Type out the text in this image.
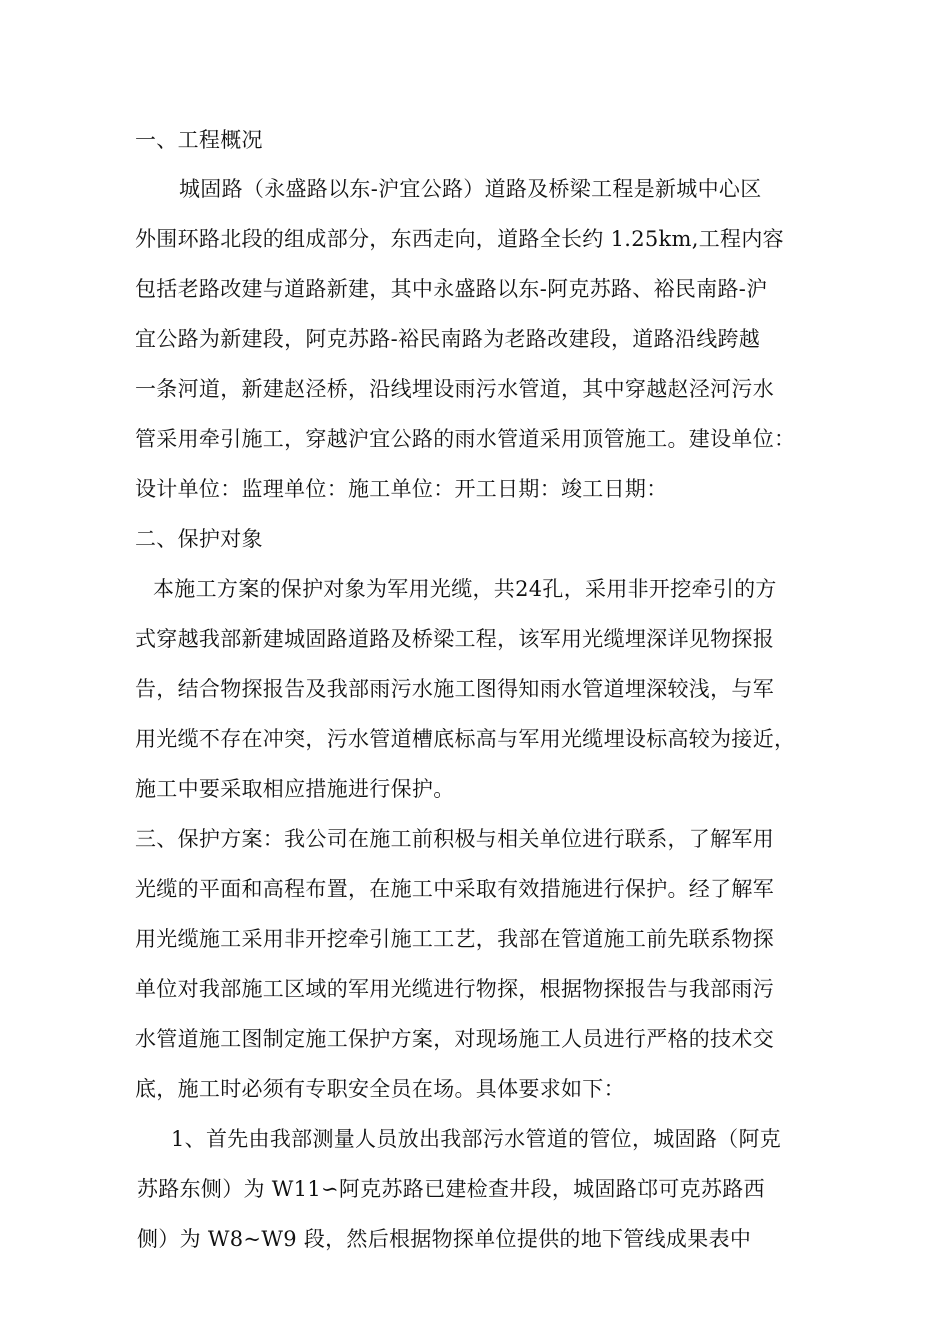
一、工程概况
城固路（永盛路以东-沪宜公路）道路及桥梁工程是新城中心区
外围环路北段的组成部分，东西走向，道路全长约 1.25km,工程内容
包括老路改建与道路新建，其中永盛路以东-阿克苏路、裕民南路-沪
宜公路为新建段，阿克苏路-裕民南路为老路改建段，道路沿线跨越
一条河道，新建赵泾桥，沿线埋设雨污水管道，其中穿越赵泾河污水
管采用牵引施工，穿越沪宜公路的雨水管道采用顶管施工。建设单位：
设计单位：监理单位：施工单位：开工日期：竣工日期：
二、保护对象
本施工方案的保护对象为军用光缆，共24孔，采用非开挖牵引的方
式穿越我部新建城固路道路及桥梁工程，该军用光缆埋深详见物探报
告，结合物探报告及我部雨污水施工图得知雨水管道埋深较浅，与军
用光缆不存在冲突，污水管道槽底标高与军用光缆埋设标高较为接近，
施工中要采取相应措施进行保护。
三、保护方案：我公司在施工前积极与相关单位进行联系，了解军用
光缆的平面和高程布置，在施工中采取有效措施进行保护。经了解军
用光缆施工采用非开挖牵引施工工艺，我部在管道施工前先联系物探
单位对我部施工区域的军用光缆进行物探，根据物探报告与我部雨污
水管道施工图制定施工保护方案，对现场施工人员进行严格的技术交
底，施工时必须有专职安全员在场。具体要求如下：
1、首先由我部测量人员放出我部污水管道的管位，城固路（阿克
苏路东侧）为 W11∽阿克苏路已建检查井段，城固路邙可克苏路西
侧）为 W8~W9 段，然后根据物探单位提供的地下管线成果表中
